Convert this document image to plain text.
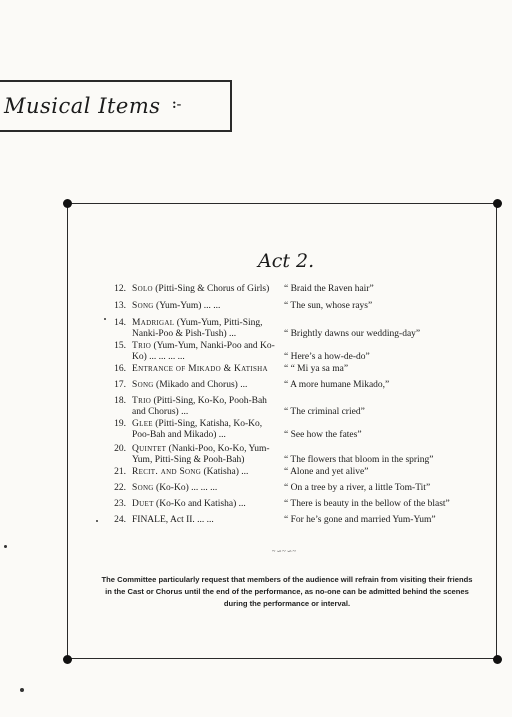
Musical Items :-
Act 2.
12. Solo (Pitti-Sing & Chorus of Girls)	“ Braid the Raven hair”
13. Song (Yum-Yum) ... ...	“ The sun, whose rays”
14. Madrigal (Yum-Yum, Pitti-Sing, Nanki-Poo & Pish-Tush) ...	“ Brightly dawns our wedding-day”
15. Trio (Yum-Yum, Nanki-Poo and Ko-Ko) ... ... ... ...	“ Here’s a how-de-do”
16. Entrance of Mikado & Katisha	“ “ Mi ya sa ma”
17. Song (Mikado and Chorus) ...	“ A more humane Mikado,”
18. Trio (Pitti-Sing, Ko-Ko, Pooh-Bah and Chorus) ...	“ The criminal cried”
19. Glee (Pitti-Sing, Katisha, Ko-Ko, Poo-Bah and Mikado) ...	“ See how the fates”
20. Quintet (Nanki-Poo, Ko-Ko, Yum-Yum, Pitti-Sing & Pooh-Bah)	“ The flowers that bloom in the spring”
21. Recit. and Song (Katisha) ...	“ Alone and yet alive”
22. Song (Ko-Ko) ... ... ...	“ On a tree by a river, a little Tom-Tit”
23. Duet (Ko-Ko and Katisha) ...	“ There is beauty in the bellow of the blast”
24. FINALE, Act II. ... ...	“ For he’s gone and married Yum-Yum”
~∽~∽~
The Committee particularly request that members of the audience will refrain from visiting their friends in the Cast or Chorus until the end of the performance, as no-one can be admitted behind the scenes during the performance or interval.
